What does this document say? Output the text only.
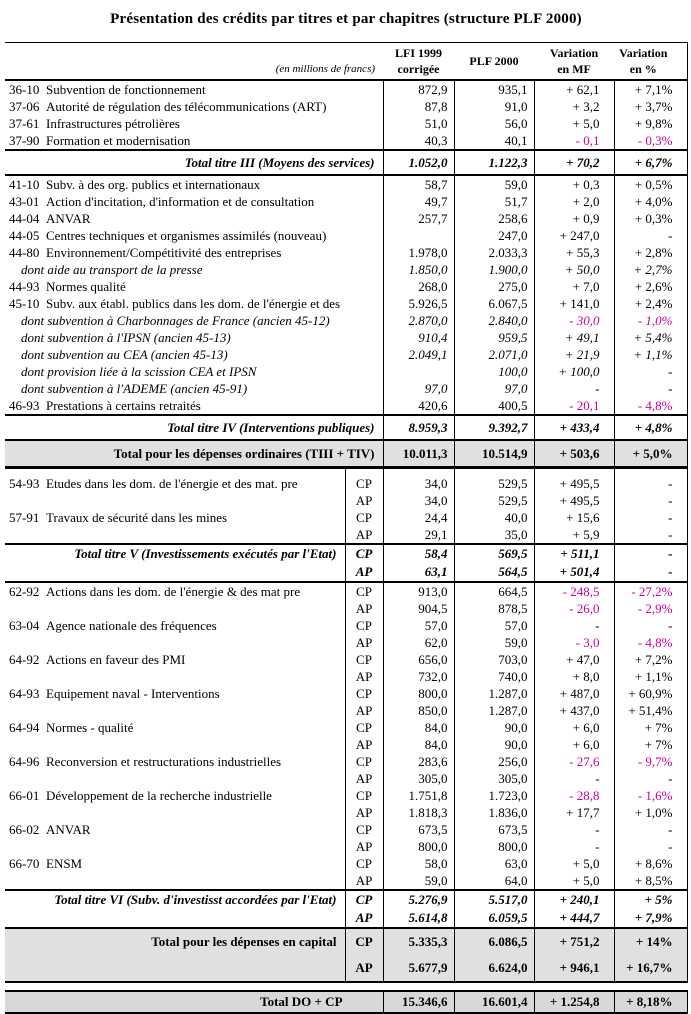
Présentation des crédits par titres et par chapitres (structure PLF 2000)
(en millions de francs)		LFI 1999
corrigée	PLF 2000	Variation
en MF	Variation
en %
36-10 Subvention de fonctionnement		872,9	935,1	+ 62,1	+ 7,1%
37-06 Autorité de régulation des télécommunications (ART)		87,8	91,0	+ 3,2	+ 3,7%
37-61 Infrastructures pétrolières		51,0	56,0	+ 5,0	+ 9,8%
37-90 Formation et modernisation		40,3	40,1	- 0,1	- 0,3%
Total titre III (Moyens des services)		1.052,0	1.122,3	+ 70,2	+ 6,7%
41-10 Subv. à des org. publics et internationaux		58,7	59,0	+ 0,3	+ 0,5%
43-01 Action d'incitation, d'information et de consultation		49,7	51,7	+ 2,0	+ 4,0%
44-04 ANVAR		257,7	258,6	+ 0,9	+ 0,3%
44-05 Centres techniques et organismes assimilés (nouveau)			247,0	+ 247,0	-
44-80 Environnement/Compétitivité des entreprises		1.978,0	2.033,3	+ 55,3	+ 2,8%
dont aide au transport de la presse		1.850,0	1.900,0	+ 50,0	+ 2,7%
44-93 Normes qualité		268,0	275,0	+ 7,0	+ 2,6%
45-10 Subv. aux établ. publics dans les dom. de l'énergie et des		5.926,5	6.067,5	+ 141,0	+ 2,4%
dont subvention à Charbonnages de France (ancien 45-12)		2.870,0	2.840,0	- 30,0	- 1,0%
dont subvention à l'IPSN (ancien 45-13)		910,4	959,5	+ 49,1	+ 5,4%
dont subvention au CEA (ancien 45-13)		2.049,1	2.071,0	+ 21,9	+ 1,1%
dont provision liée à la scission CEA et IPSN			100,0	+ 100,0	-
dont subvention à l'ADEME (ancien 45-91)		97,0	97,0	-	-
46-93 Prestations à certains retraités		420,6	400,5	- 20,1	- 4,8%
Total titre IV (Interventions publiques)		8.959,3	9.392,7	+ 433,4	+ 4,8%
Total pour les dépenses ordinaires (TIII + TIV)		10.011,3	10.514,9	+ 503,6	+ 5,0%
54-93 Etudes dans les dom. de l'énergie et des mat. pre	CP	34,0	529,5	+ 495,5	-
	AP	34,0	529,5	+ 495,5	-
57-91 Travaux de sécurité dans les mines	CP	24,4	40,0	+ 15,6	-
	AP	29,1	35,0	+ 5,9	-
Total titre V (Investissements exécutés par l'Etat)	CP	58,4	569,5	+ 511,1	-
	AP	63,1	564,5	+ 501,4	-
62-92 Actions dans les dom. de l'énergie & des mat pre	CP	913,0	664,5	- 248,5	- 27,2%
	AP	904,5	878,5	- 26,0	- 2,9%
63-04 Agence nationale des fréquences	CP	57,0	57,0	-	-
	AP	62,0	59,0	- 3,0	- 4,8%
64-92 Actions en faveur des PMI	CP	656,0	703,0	+ 47,0	+ 7,2%
	AP	732,0	740,0	+ 8,0	+ 1,1%
64-93 Equipement naval - Interventions	CP	800,0	1.287,0	+ 487,0	+ 60,9%
	AP	850,0	1.287,0	+ 437,0	+ 51,4%
64-94 Normes - qualité	CP	84,0	90,0	+ 6,0	+ 7%
	AP	84,0	90,0	+ 6,0	+ 7%
64-96 Reconversion et restructurations industrielles	CP	283,6	256,0	- 27,6	- 9,7%
	AP	305,0	305,0	-	-
66-01 Développement de la recherche industrielle	CP	1.751,8	1.723,0	- 28,8	- 1,6%
	AP	1.818,3	1.836,0	+ 17,7	+ 1,0%
66-02 ANVAR	CP	673,5	673,5	-	-
	AP	800,0	800,0	-	-
66-70 ENSM	CP	58,0	63,0	+ 5,0	+ 8,6%
	AP	59,0	64,0	+ 5,0	+ 8,5%
Total titre VI (Subv. d'investisst accordées par l'Etat)	CP	5.276,9	5.517,0	+ 240,1	+ 5%
	AP	5.614,8	6.059,5	+ 444,7	+ 7,9%
Total pour les dépenses en capital	CP	5.335,3	6.086,5	+ 751,2	+ 14%
	AP	5.677,9	6.624,0	+ 946,1	+ 16,7%

Total DO + CP		15.346,6	16.601,4	+ 1.254,8	+ 8,18%
